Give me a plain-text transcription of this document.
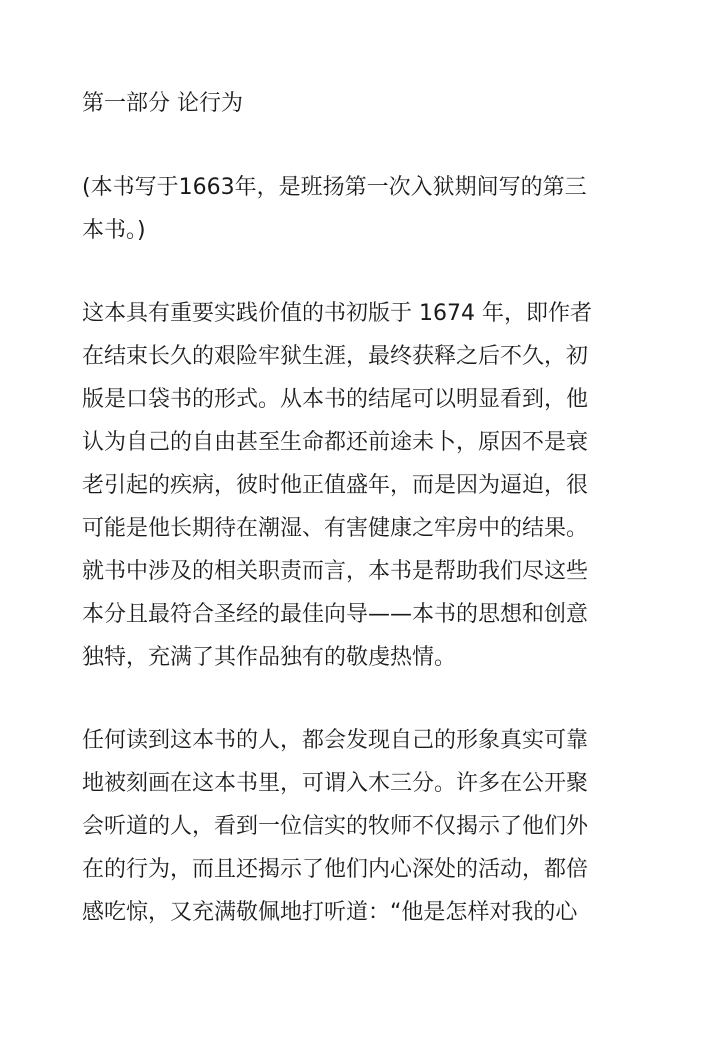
第一部分 论行为

(本书写于1663年，是班扬第一次入狱期间写的第三
本书。)

这本具有重要实践价值的书初版于 1674 年，即作者
在结束长久的艰险牢狱生涯，最终获释之后不久，初
版是口袋书的形式。从本书的结尾可以明显看到，他
认为自己的自由甚至生命都还前途未卜，原因不是衰
老引起的疾病，彼时他正值盛年，而是因为逼迫，很
可能是他长期待在潮湿、有害健康之牢房中的结果。
就书中涉及的相关职责而言，本书是帮助我们尽这些
本分且最符合圣经的最佳向导——本书的思想和创意
独特，充满了其作品独有的敬虔热情。

任何读到这本书的人，都会发现自己的形象真实可靠
地被刻画在这本书里，可谓入木三分。许多在公开聚
会听道的人，看到一位信实的牧师不仅揭示了他们外
在的行为，而且还揭示了他们内心深处的活动，都倍
感吃惊，又充满敬佩地打听道：“他是怎样对我的心
